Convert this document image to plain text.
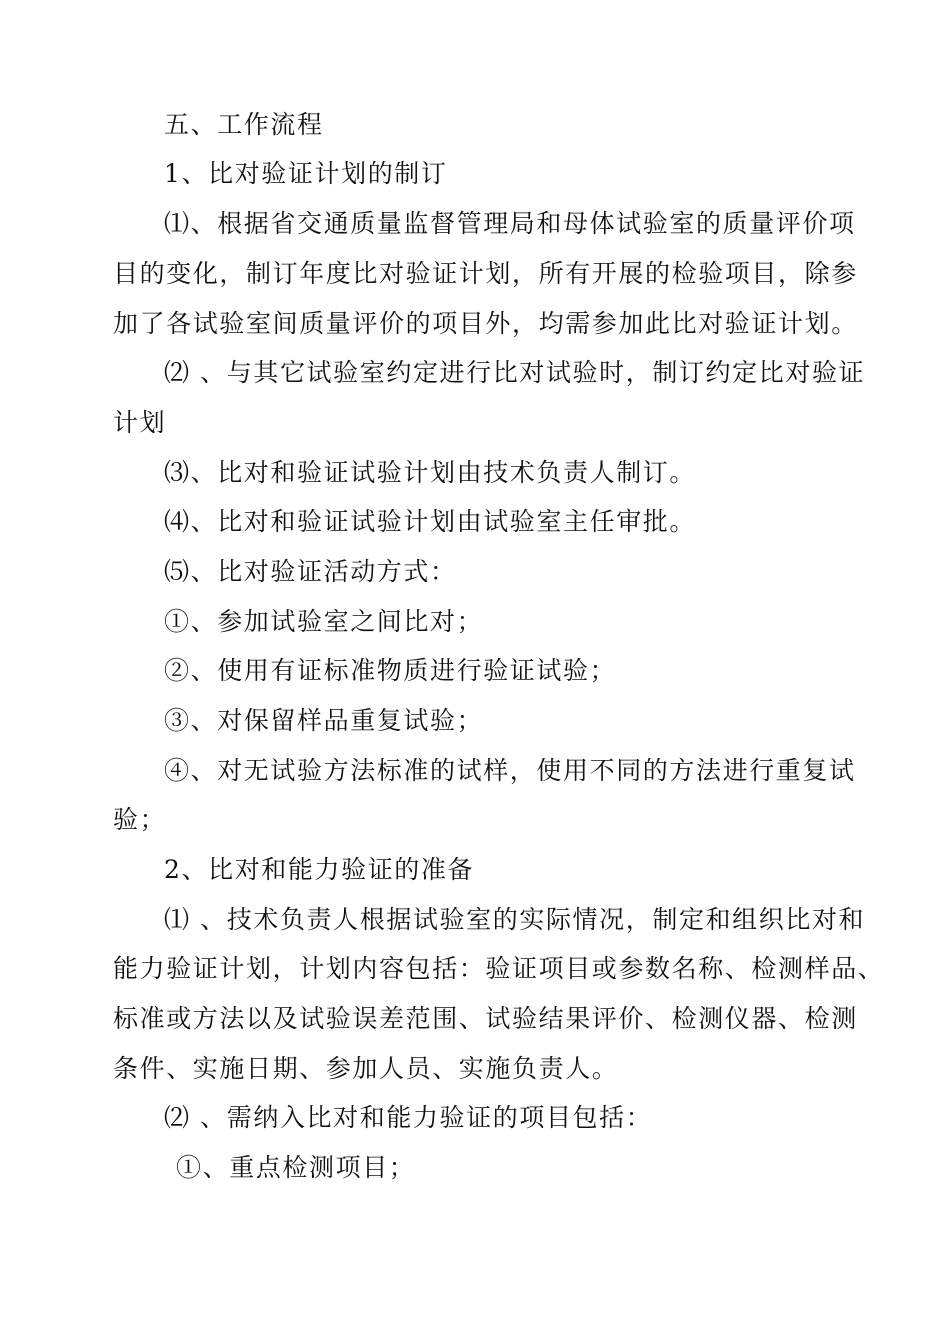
五、工作流程
1、比对验证计划的制订
⑴、根据省交通质量监督管理局和母体试验室的质量评价项
目的变化，制订年度比对验证计划，所有开展的检验项目，除参
加了各试验室间质量评价的项目外，均需参加此比对验证计划。
⑵ 、与其它试验室约定进行比对试验时，制订约定比对验证
计划
⑶、比对和验证试验计划由技术负责人制订。
⑷、比对和验证试验计划由试验室主任审批。
⑸、比对验证活动方式：
①、参加试验室之间比对；
②、使用有证标准物质进行验证试验；
③、对保留样品重复试验；
④、对无试验方法标准的试样，使用不同的方法进行重复试
验；
2、比对和能力验证的准备
⑴ 、技术负责人根据试验室的实际情况，制定和组织比对和
能力验证计划，计划内容包括：验证项目或参数名称、检测样品、
标准或方法以及试验误差范围、试验结果评价、检测仪器、检测
条件、实施日期、参加人员、实施负责人。
⑵ 、需纳入比对和能力验证的项目包括：
①、重点检测项目；
